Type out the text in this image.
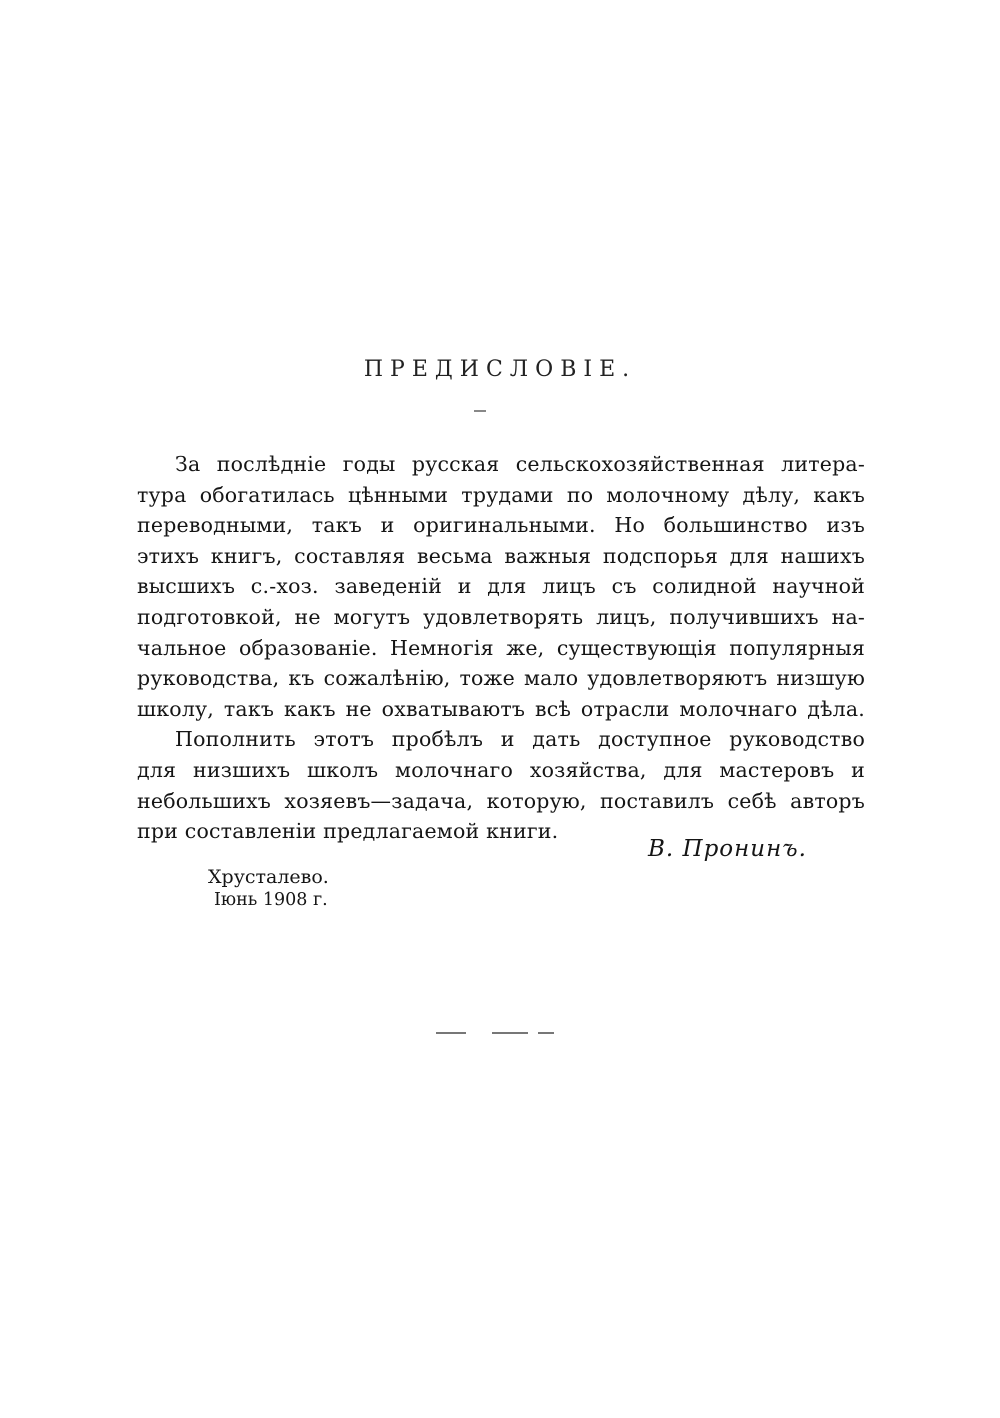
ПРЕДИСЛОВІЕ.
За послѣдніе годы русская сельскохозяйственная литера-
тура обогатилась цѣнными трудами по молочному дѣлу, какъ
переводными, такъ и оригинальными. Но большинство изъ
этихъ книгъ, составляя весьма важныя подспорья для нашихъ
высшихъ с.-хоз. заведеній и для лицъ съ солидной научной
подготовкой, не могутъ удовлетворять лицъ, получившихъ на-
чальное образованіе. Немногія же, существующія популярныя
руководства, къ сожалѣнію, тоже мало удовлетворяютъ низшую
школу, такъ какъ не охватываютъ всѣ отрасли молочнаго дѣла.
Пополнить этотъ пробѣлъ и дать доступное руководство
для низшихъ школъ молочнаго хозяйства, для мастеровъ и
небольшихъ хозяевъ—задача, которую, поставилъ себѣ авторъ
при составленіи предлагаемой книги.
В. Пронинъ.
Хрусталево.
Іюнь 1908 г.
